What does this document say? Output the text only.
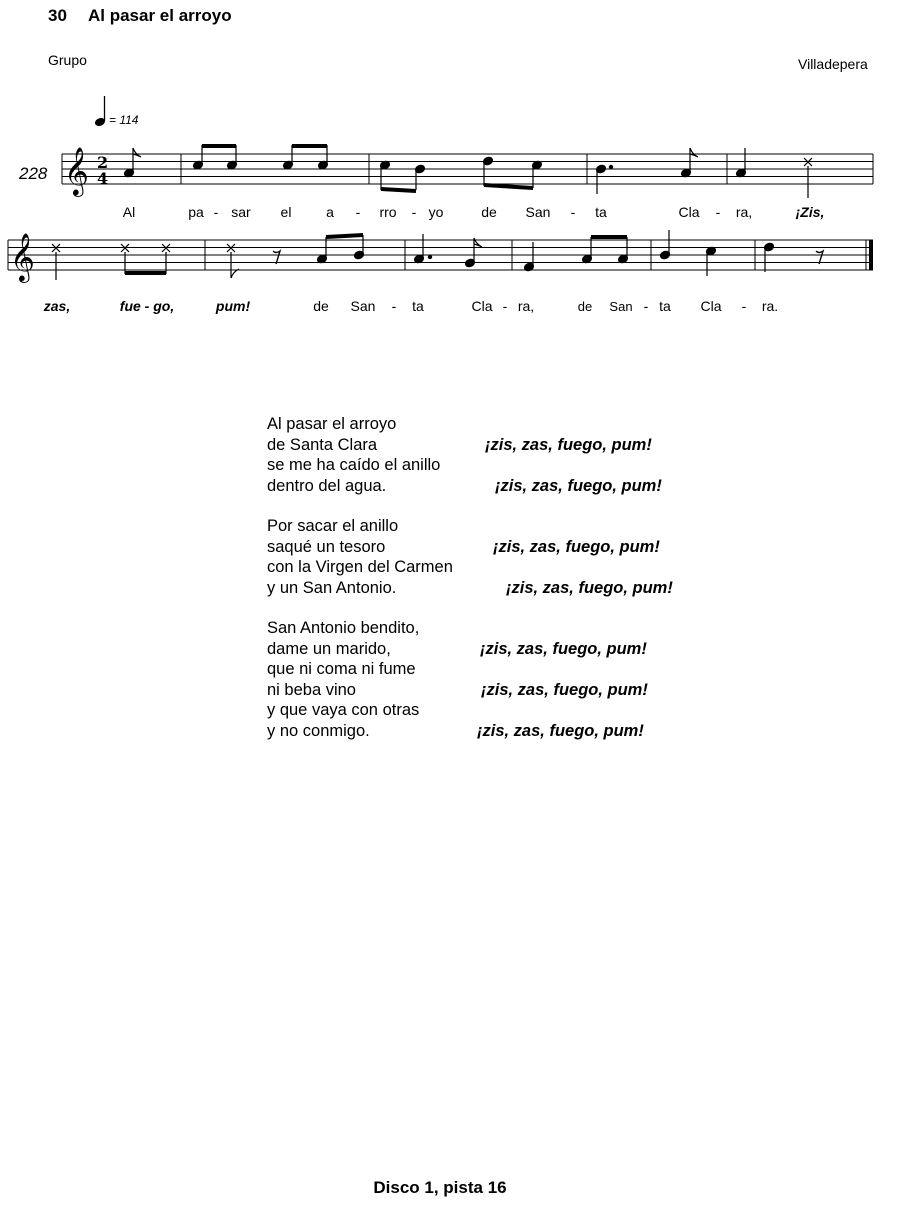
30 Al pasar el arroyo
Grupo	Villadepera
= 114
228 𝄞 2
4
Al	pa - sar el a - rro - yo	de San - ta	Cla - ra,	¡Zis,
𝄞
zas,	fue - go,	pum!	de San - ta	Cla - ra,	de San - ta Cla - ra.
Al pasar el arroyo
de Santa Clara	¡zis, zas, fuego, pum!
se me ha caído el anillo
dentro del agua.	¡zis, zas, fuego, pum!
Por sacar el anillo
saqué un tesoro	¡zis, zas, fuego, pum!
con la Virgen del Carmen
y un San Antonio.	¡zis, zas, fuego, pum!
San Antonio bendito,
dame un marido,	¡zis, zas, fuego, pum!
que ni coma ni fume
ni beba vino	¡zis, zas, fuego, pum!
y que vaya con otras
y no conmigo.	¡zis, zas, fuego, pum!
Disco 1, pista 16
